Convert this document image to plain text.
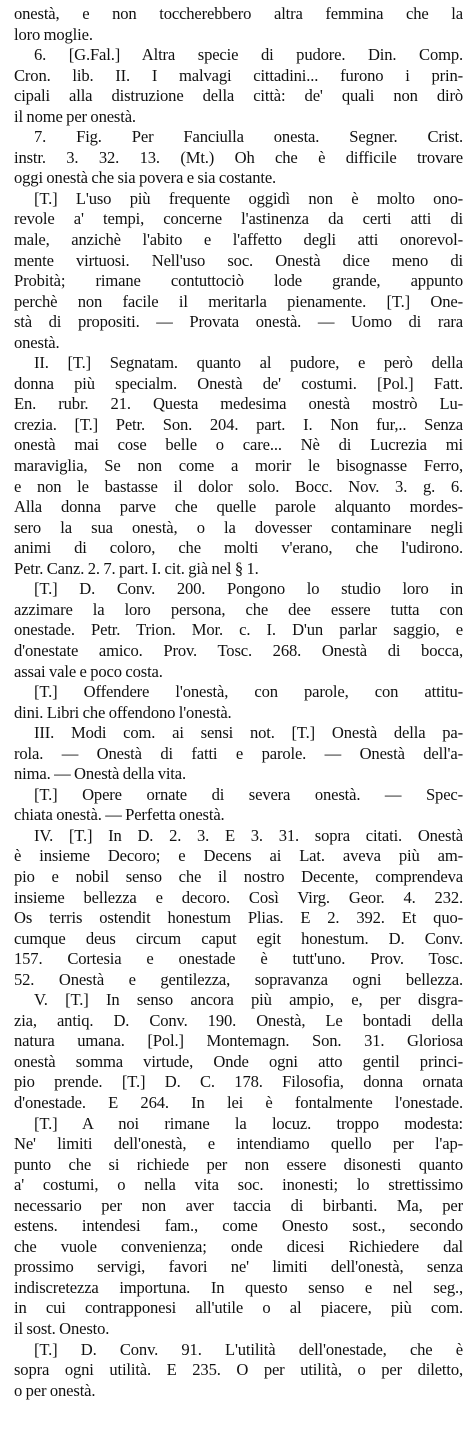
onestà, e non toccherebbero altra femmina che la
loro moglie.
6. [G.Fal.] Altra specie di pudore. Din. Comp.
Cron. lib. II. I malvagi cittadini... furono i prin-
cipali alla distruzione della città: de' quali non dirò
il nome per onestà.
7. Fig. Per Fanciulla onesta. Segner. Crist.
instr. 3. 32. 13. (Mt.) Oh che è difficile trovare
oggi onestà che sia povera e sia costante.
[T.] L'uso più frequente oggidì non è molto ono-
revole a' tempi, concerne l'astinenza da certi atti di
male, anzichè l'abito e l'affetto degli atti onorevol-
mente virtuosi. Nell'uso soc. Onestà dice meno di
Probità; rimane contuttociò lode grande, appunto
perchè non facile il meritarla pienamente. [T.] One-
stà di propositi. — Provata onestà. — Uomo di rara
onestà.
II. [T.] Segnatam. quanto al pudore, e però della
donna più specialm. Onestà de' costumi. [Pol.] Fatt.
En. rubr. 21. Questa medesima onestà mostrò Lu-
crezia. [T.] Petr. Son. 204. part. I. Non fur,.. Senza
onestà mai cose belle o care... Nè di Lucrezia mi
maraviglia, Se non come a morir le bisognasse Ferro,
e non le bastasse il dolor solo. Bocc. Nov. 3. g. 6.
Alla donna parve che quelle parole alquanto mordes-
sero la sua onestà, o la dovesser contaminare negli
animi di coloro, che molti v'erano, che l'udirono.
Petr. Canz. 2. 7. part. I. cit. già nel § 1.
[T.] D. Conv. 200. Pongono lo studio loro in
azzimare la loro persona, che dee essere tutta con
onestade. Petr. Trion. Mor. c. I. D'un parlar saggio, e
d'onestate amico. Prov. Tosc. 268. Onestà di bocca,
assai vale e poco costa.
[T.] Offendere l'onestà, con parole, con attitu-
dini. Libri che offendono l'onestà.
III. Modi com. ai sensi not. [T.] Onestà della pa-
rola. — Onestà di fatti e parole. — Onestà dell'a-
nima. — Onestà della vita.
[T.] Opere ornate di severa onestà. — Spec-
chiata onestà. — Perfetta onestà.
IV. [T.] In D. 2. 3. E 3. 31. sopra citati. Onestà
è insieme Decoro; e Decens ai Lat. aveva più am-
pio e nobil senso che il nostro Decente, comprendeva
insieme bellezza e decoro. Così Virg. Geor. 4. 232.
Os terris ostendit honestum Plias. E 2. 392. Et quo-
cumque deus circum caput egit honestum. D. Conv.
157. Cortesia e onestade è tutt'uno. Prov. Tosc.
52. Onestà e gentilezza, sopravanza ogni bellezza.
V. [T.] In senso ancora più ampio, e, per disgra-
zia, antiq. D. Conv. 190. Onestà, Le bontadi della
natura umana. [Pol.] Montemagn. Son. 31. Gloriosa
onestà somma virtude, Onde ogni atto gentil princi-
pio prende. [T.] D. C. 178. Filosofia, donna ornata
d'onestade. E 264. In lei è fontalmente l'onestade.
[T.] A noi rimane la locuz. troppo modesta:
Ne' limiti dell'onestà, e intendiamo quello per l'ap-
punto che si richiede per non essere disonesti quanto
a' costumi, o nella vita soc. inonesti; lo strettissimo
necessario per non aver taccia di birbanti. Ma, per
estens. intendesi fam., come Onesto sost., secondo
che vuole convenienza; onde dicesi Richiedere dal
prossimo servigi, favori ne' limiti dell'onestà, senza
indiscretezza importuna. In questo senso e nel seg.,
in cui contrapponesi all'utile o al piacere, più com.
il sost. Onesto.
[T.] D. Conv. 91. L'utilità dell'onestade, che è
sopra ogni utilità. E 235. O per utilità, o per diletto,
o per onestà.
